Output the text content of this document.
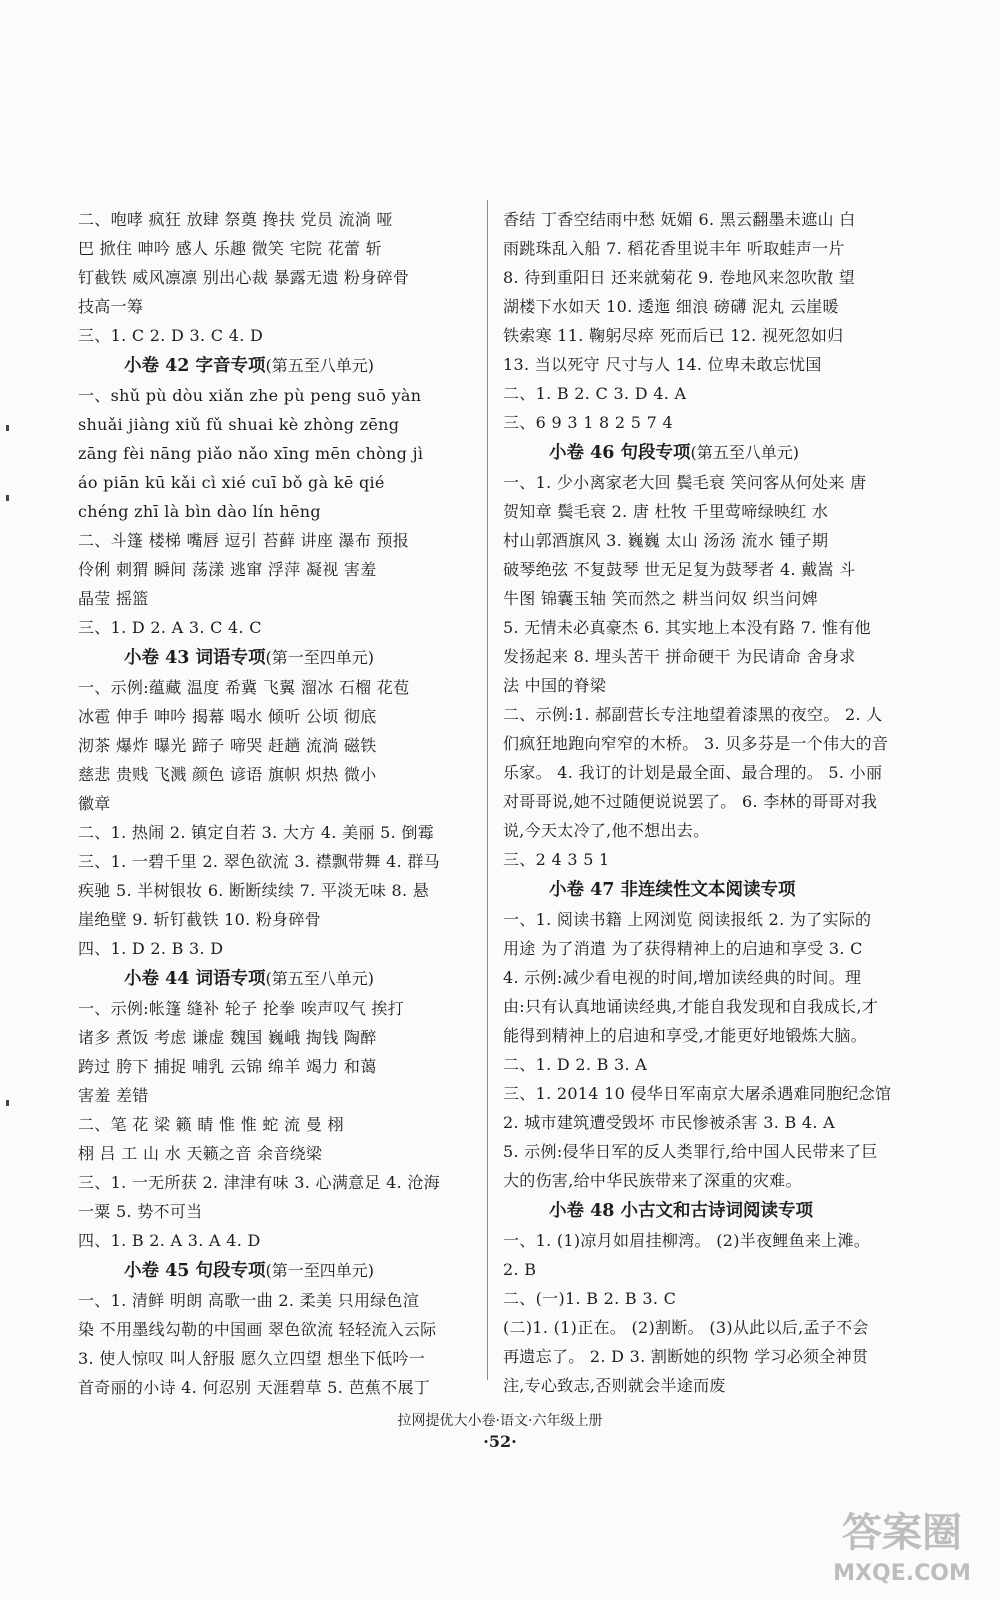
二、咆哮 疯狂 放肆 祭奠 搀扶 党员 流淌 哑
巴 掀住 呻吟 感人 乐趣 微笑 宅院 花蕾 斩
钉截铁 威风凛凛 别出心裁 暴露无遗 粉身碎骨
技高一筹
三、1. C 2. D 3. C 4. D
小卷 42 字音专项(第五至八单元)
一、shǔ pù dòu xiǎn zhe pù peng suō yàn
shuǎi jiàng xiǔ fǔ shuai kè zhòng zēng
zāng fèi nāng piǎo nǎo xīng mēn chòng jì
áo piān kū kǎi cì xié cuī bǒ gà kē qié
chéng zhī là bìn dào lín hēng
二、斗篷 楼梯 嘴唇 逗引 苔藓 讲座 瀑布 预报
伶俐 刺猬 瞬间 荡漾 逃窜 浮萍 凝视 害羞
晶莹 摇篮
三、1. D 2. A 3. C 4. C
小卷 43 词语专项(第一至四单元)
一、示例:蕴藏 温度 希冀 飞翼 溜冰 石榴 花苞
冰雹 伸手 呻吟 揭幕 喝水 倾听 公顷 彻底
沏茶 爆炸 曝光 蹄子 啼哭 赶趟 流淌 磁铁
慈悲 贵贱 飞溅 颜色 谚语 旗帜 炽热 微小
徽章
二、1. 热闹 2. 镇定自若 3. 大方 4. 美丽 5. 倒霉
三、1. 一碧千里 2. 翠色欲流 3. 襟飘带舞 4. 群马
疾驰 5. 半树银妆 6. 断断续续 7. 平淡无味 8. 悬
崖绝壁 9. 斩钉截铁 10. 粉身碎骨
四、1. D 2. B 3. D
小卷 44 词语专项(第五至八单元)
一、示例:帐篷 缝补 轮子 抡拳 唉声叹气 挨打
诸多 煮饭 考虑 谦虚 魏国 巍峨 掏钱 陶醉
跨过 胯下 捕捉 哺乳 云锦 绵羊 竭力 和蔼
害羞 差错
二、笔 花 梁 籁 睛 惟 惟 蛇 流 曼 栩
栩 吕 工 山 水 天籁之音 余音绕梁
三、1. 一无所获 2. 津津有味 3. 心满意足 4. 沧海
一粟 5. 势不可当
四、1. B 2. A 3. A 4. D
小卷 45 句段专项(第一至四单元)
一、1. 清鲜 明朗 高歌一曲 2. 柔美 只用绿色渲
染 不用墨线勾勒的中国画 翠色欲流 轻轻流入云际
3. 使人惊叹 叫人舒服 愿久立四望 想坐下低吟一
首奇丽的小诗 4. 何忍别 天涯碧草 5. 芭蕉不展丁
香结 丁香空结雨中愁 妩媚 6. 黑云翻墨未遮山 白
雨跳珠乱入船 7. 稻花香里说丰年 听取蛙声一片
8. 待到重阳日 还来就菊花 9. 卷地风来忽吹散 望
湖楼下水如天 10. 逶迤 细浪 磅礴 泥丸 云崖暖
铁索寒 11. 鞠躬尽瘁 死而后已 12. 视死忽如归
13. 当以死守 尺寸与人 14. 位卑未敢忘忧国
二、1. B 2. C 3. D 4. A
三、6 9 3 1 8 2 5 7 4
小卷 46 句段专项(第五至八单元)
一、1. 少小离家老大回 鬓毛衰 笑问客从何处来 唐
贺知章 鬓毛衰 2. 唐 杜牧 千里莺啼绿映红 水
村山郭酒旗风 3. 巍巍 太山 汤汤 流水 锺子期
破琴绝弦 不复鼓琴 世无足复为鼓琴者 4. 戴嵩 斗
牛图 锦囊玉轴 笑而然之 耕当问奴 织当问婢
5. 无情未必真豪杰 6. 其实地上本没有路 7. 惟有他
发扬起来 8. 埋头苦干 拼命硬干 为民请命 舍身求
法 中国的脊梁
二、示例:1. 郝副营长专注地望着漆黑的夜空。 2. 人
们疯狂地跑向窄窄的木桥。 3. 贝多芬是一个伟大的音
乐家。 4. 我订的计划是最全面、最合理的。 5. 小丽
对哥哥说,她不过随便说说罢了。 6. 李林的哥哥对我
说,今天太冷了,他不想出去。
三、2 4 3 5 1
小卷 47 非连续性文本阅读专项
一、1. 阅读书籍 上网浏览 阅读报纸 2. 为了实际的
用途 为了消遣 为了获得精神上的启迪和享受 3. C
4. 示例:减少看电视的时间,增加读经典的时间。理
由:只有认真地诵读经典,才能自我发现和自我成长,才
能得到精神上的启迪和享受,才能更好地锻炼大脑。
二、1. D 2. B 3. A
三、1. 2014 10 侵华日军南京大屠杀遇难同胞纪念馆
2. 城市建筑遭受毁坏 市民惨被杀害 3. B 4. A
5. 示例:侵华日军的反人类罪行,给中国人民带来了巨
大的伤害,给中华民族带来了深重的灾难。
小卷 48 小古文和古诗词阅读专项
一、1. (1)凉月如眉挂柳湾。 (2)半夜鲤鱼来上滩。
2. B
二、(一)1. B 2. B 3. C
(二)1. (1)正在。 (2)割断。 (3)从此以后,孟子不会
再遗忘了。 2. D 3. 割断她的织物 学习必须全神贯
注,专心致志,否则就会半途而废
拉网提优大小卷·语文·六年级上册
·52·
答案圈
MXQE.COM
